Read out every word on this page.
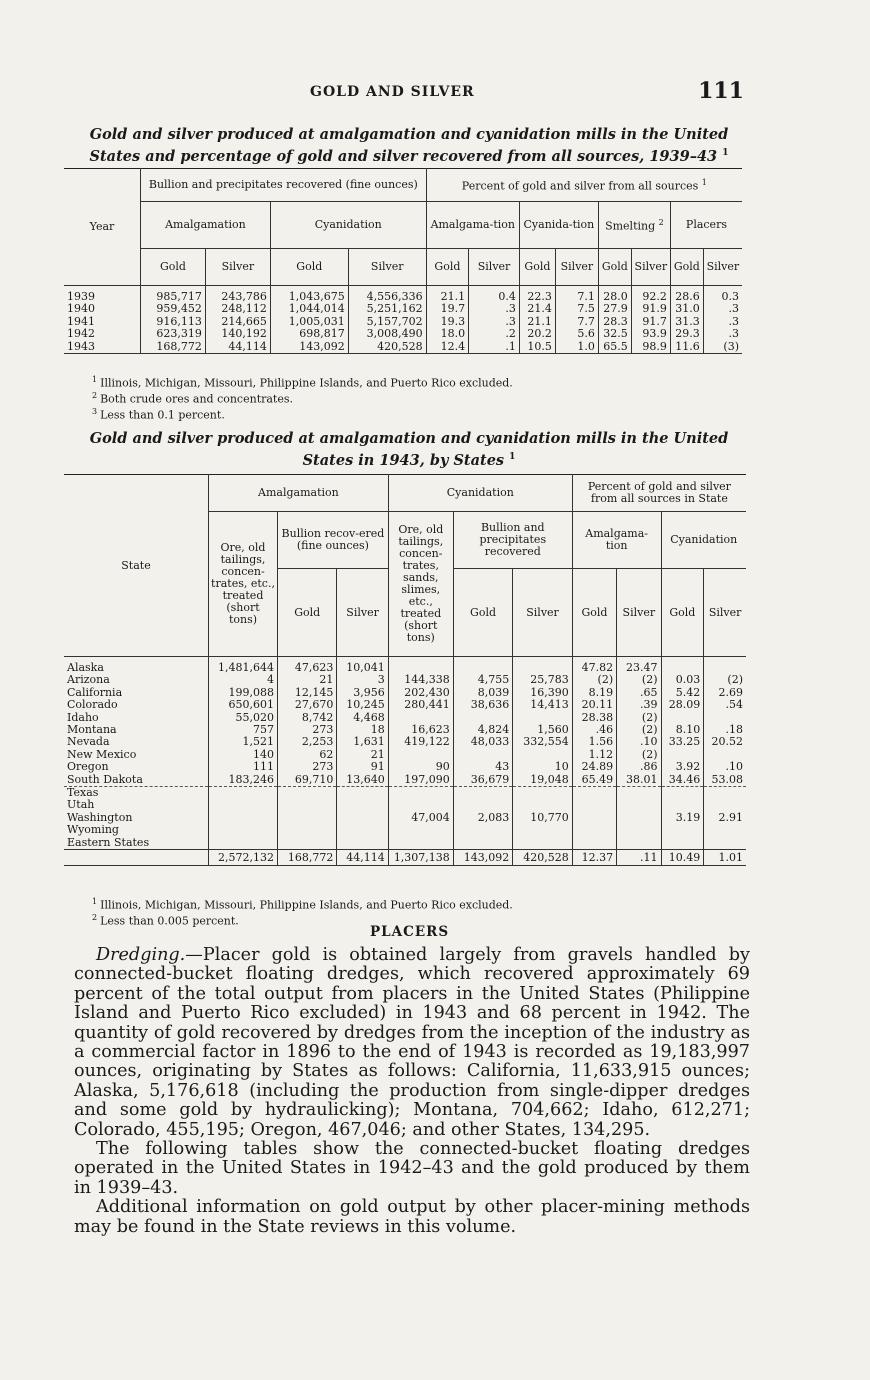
GOLD AND SILVER	111
Gold and silver produced at amalgamation and cyanidation mills in the United States and percentage of gold and silver recovered from all sources, 1939–43 $^1$
Year	Bullion and precipitates recovered (fine ounces)				Percent of gold and silver from all sources $^1$
	Amalgamation		Cyanidation		Amalgama-tion		Cyanida-tion		Smelting $^2$		Placers	
	Gold	Silver	Gold	Silver	Gold	Silver	Gold	Silver	Gold	Silver	Gold	Silver
1939	985,717	243,786	1,043,675	4,556,336	21.1	0.4	22.3	7.1	28.0	92.2	28.6	0.3
1940	959,452	248,112	1,044,014	5,251,162	19.7	.3	21.4	7.5	27.9	91.9	31.0	.3
1941	916,113	214,665	1,005,031	5,157,702	19.3	.3	21.1	7.7	28.3	91.7	31.3	.3
1942	623,319	140,192	698,817	3,008,490	18.0	.2	20.2	5.6	32.5	93.9	29.3	.3
1943	168,772	44,114	143,092	420,528	12.4	.1	10.5	1.0	65.5	98.9	11.6	(3)
$^1$ Illinois, Michigan, Missouri, Philippine Islands, and Puerto Rico excluded.
$^2$ Both crude ores and concentrates.
$^3$ Less than 0.1 percent.
Gold and silver produced at amalgamation and cyanidation mills in the United States in 1943, by States $^1$
State	Amalgamation			Cyanidation			Percent of gold and silver from all sources in State			
	Ore, old tailings, concen-trates, etc., treated (short tons)	Bullion recov-ered (fine ounces)		Ore, old tailings, concen-trates, sands, slimes, etc., treated (short tons)	Bullion and precipitates recovered		Amalgama-tion		Cyanidation	
		Gold	Silver		Gold	Silver	Gold	Silver	Gold	Silver
Alaska	1,481,644	47,623	10,041				47.82	23.47		
Arizona	4	21	3	144,338	4,755	25,783	(2)	(2)	0.03	(2)
California	199,088	12,145	3,956	202,430	8,039	16,390	8.19	.65	5.42	2.69
Colorado	650,601	27,670	10,245	280,441	38,636	14,413	20.11	.39	28.09	.54
Idaho	55,020	8,742	4,468				28.38	(2)		
Montana	757	273	18	16,623	4,824	1,560	.46	(2)	8.10	.18
Nevada	1,521	2,253	1,631	419,122	48,033	332,554	1.56	.10	33.25	20.52
New Mexico	140	62	21				1.12	(2)		
Oregon	111	273	91	90	43	10	24.89	.86	3.92	.10
South Dakota	183,246	69,710	13,640	197,090	36,679	19,048	65.49	38.01	34.46	53.08
Texas										
Utah										
Washington				47,004	2,083	10,770			3.19	2.91
Wyoming										
Eastern States										
	2,572,132	168,772	44,114	1,307,138	143,092	420,528	12.37	.11	10.49	1.01
$^1$ Illinois, Michigan, Missouri, Philippine Islands, and Puerto Rico excluded.
$^2$ Less than 0.005 percent.
PLACERS

Dredging.—Placer gold is obtained largely from gravels handled by connected-bucket floating dredges, which recovered approximately 69 percent of the total output from placers in the United States (Philippine Island and Puerto Rico excluded) in 1943 and 68 percent in 1942. The quantity of gold recovered by dredges from the inception of the industry as a commercial factor in 1896 to the end of 1943 is recorded as 19,183,997 ounces, originating by States as follows: California, 11,633,915 ounces; Alaska, 5,176,618 (including the production from single-dipper dredges and some gold by hydraulicking); Montana, 704,662; Idaho, 612,271; Colorado, 455,195; Oregon, 467,046; and other States, 134,295.

The following tables show the connected-bucket floating dredges operated in the United States in 1942–43 and the gold produced by them in 1939–43.

Additional information on gold output by other placer-mining methods may be found in the State reviews in this volume.
